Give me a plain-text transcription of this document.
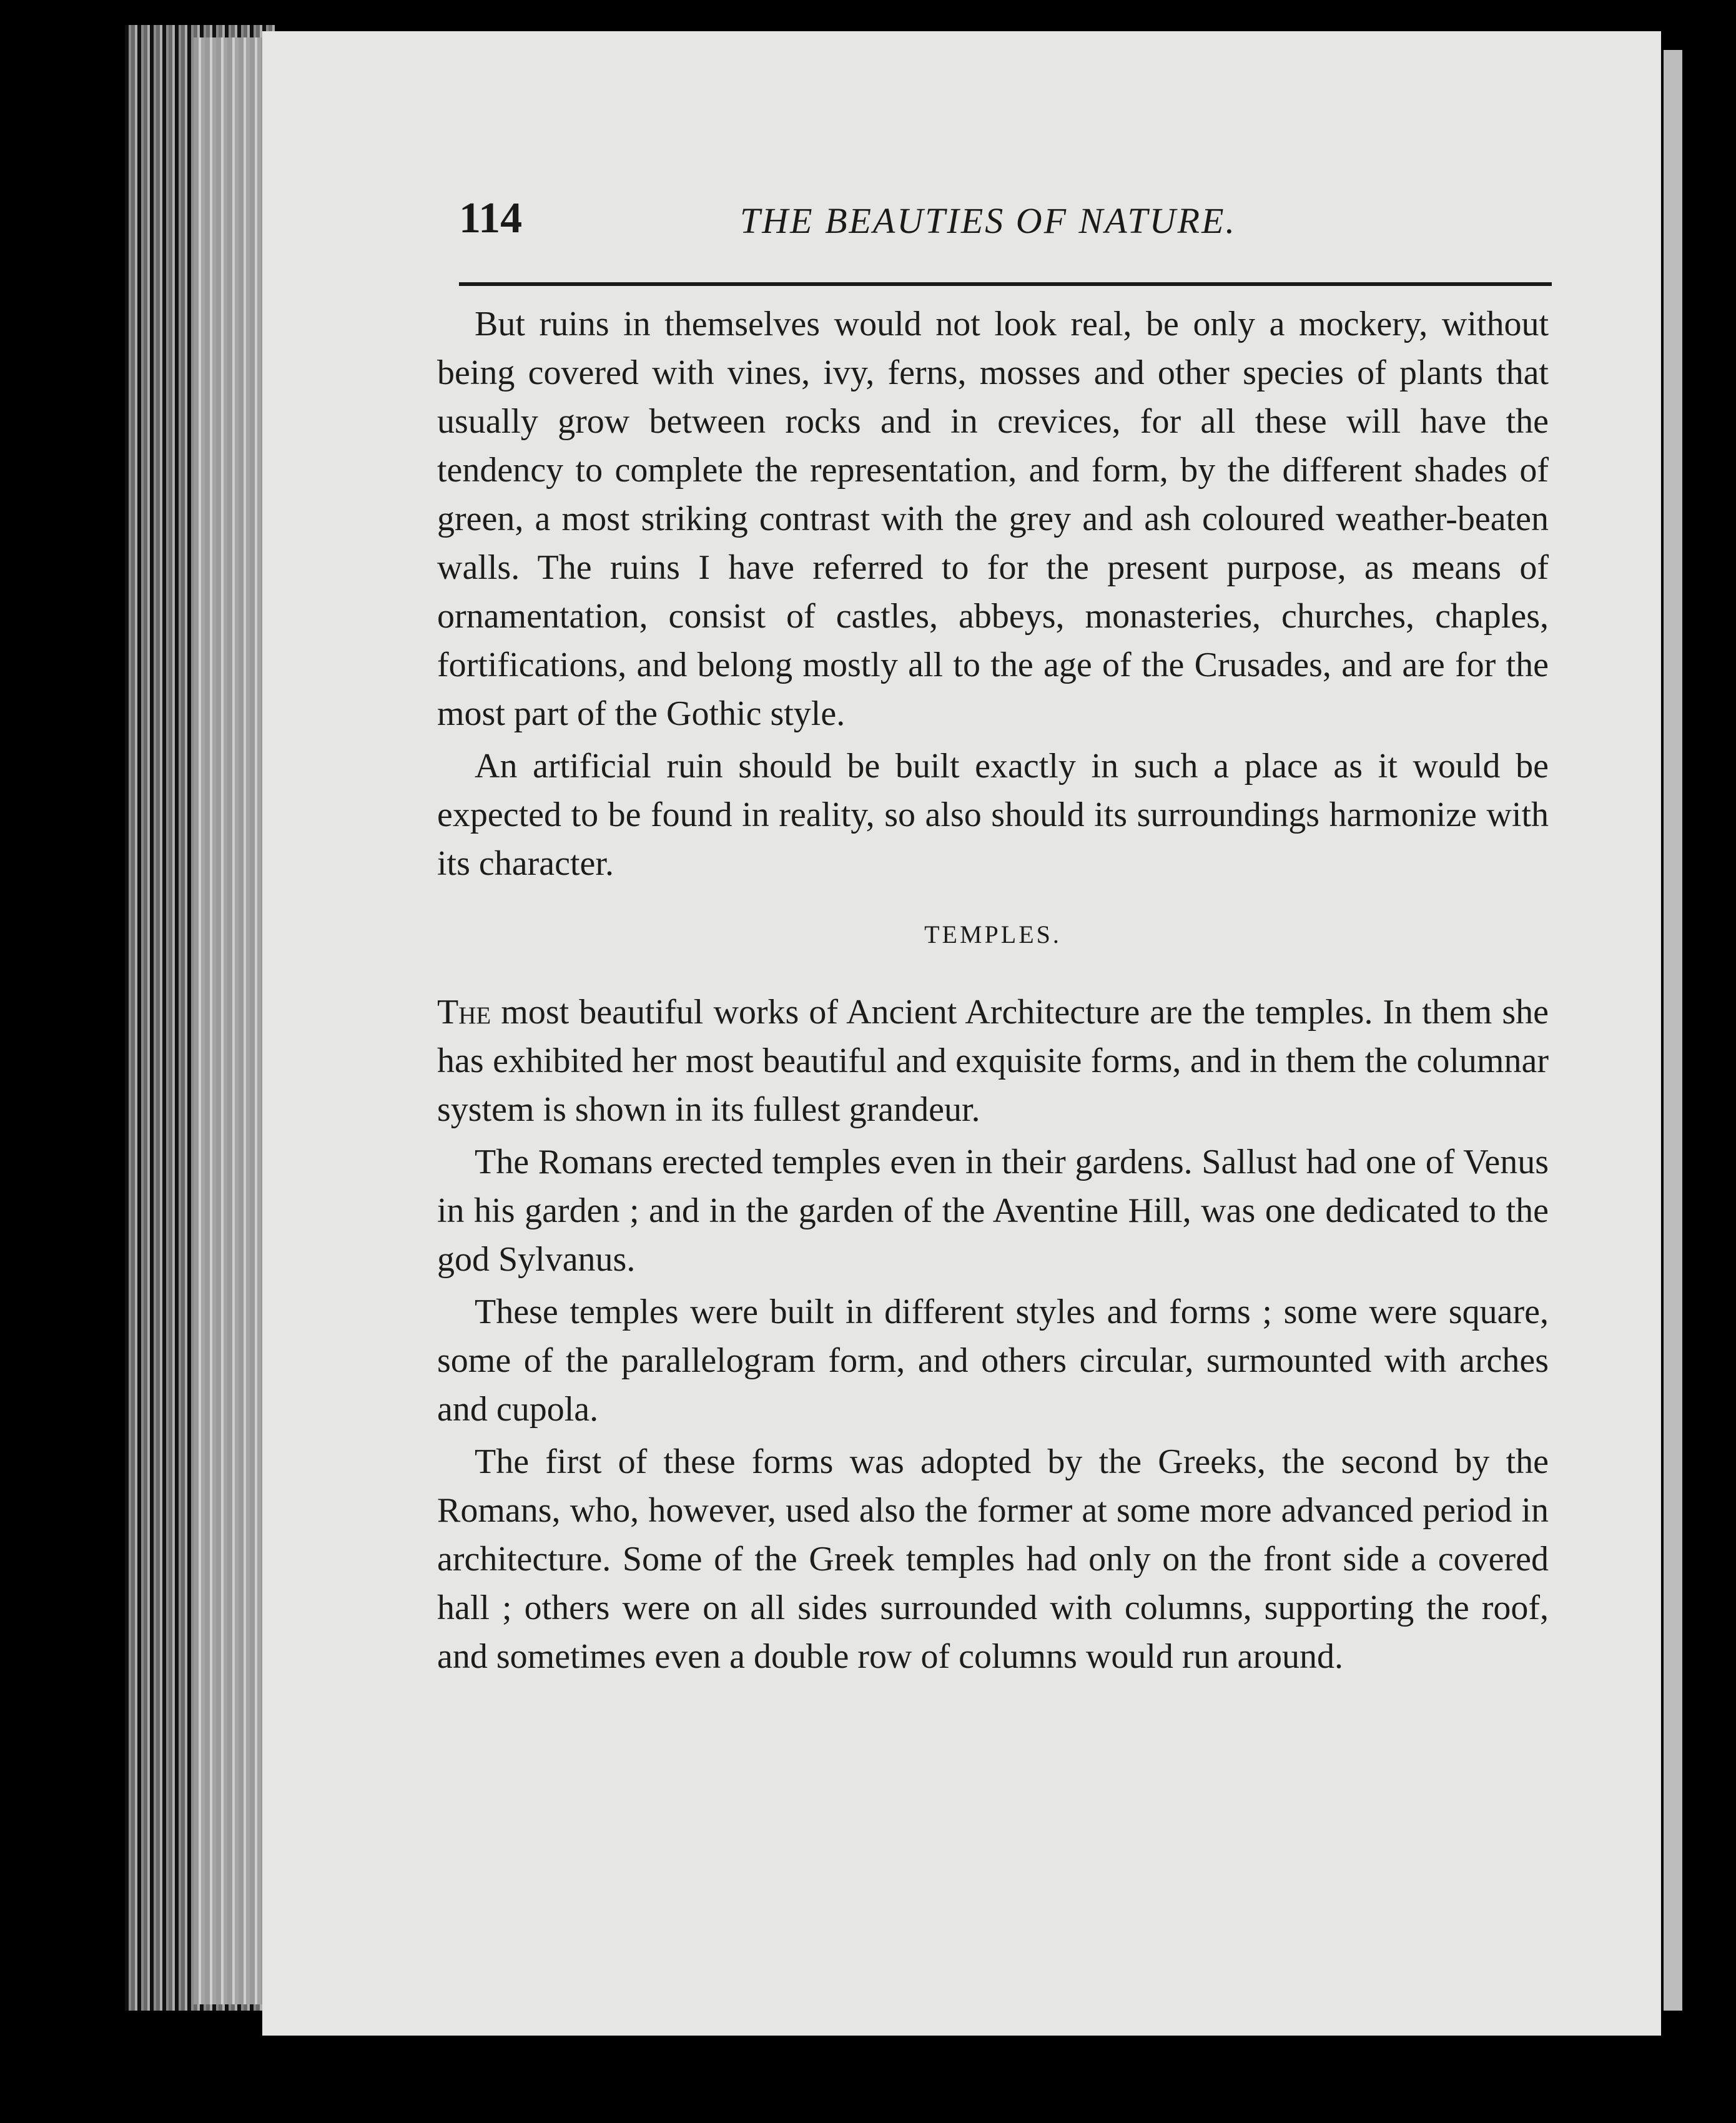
114	THE BEAUTIES OF NATURE.

But ruins in themselves would not look real, be only a mockery, without being covered with vines, ivy, ferns, mosses and other species of plants that usually grow between rocks and in crevices, for all these will have the tendency to complete the representation, and form, by the different shades of green, a most striking contrast with the grey and ash coloured weather-beaten walls. The ruins I have referred to for the present purpose, as means of ornamentation, consist of castles, abbeys, monasteries, churches, chaples, fortifications, and belong mostly all to the age of the Crusades, and are for the most part of the Gothic style.

An artificial ruin should be built exactly in such a place as it would be expected to be found in reality, so also should its surroundings harmonize with its character.

TEMPLES.

The most beautiful works of Ancient Architecture are the temples. In them she has exhibited her most beautiful and exquisite forms, and in them the columnar system is shown in its fullest grandeur.

The Romans erected temples even in their gardens. Sallust had one of Venus in his garden ; and in the garden of the Aventine Hill, was one dedicated to the god Sylvanus.

These temples were built in different styles and forms ; some were square, some of the parallelogram form, and others circular, surmounted with arches and cupola.

The first of these forms was adopted by the Greeks, the second by the Romans, who, however, used also the former at some more advanced period in architecture. Some of the Greek temples had only on the front side a covered hall ; others were on all sides surrounded with columns, supporting the roof, and sometimes even a double row of columns would run around.
